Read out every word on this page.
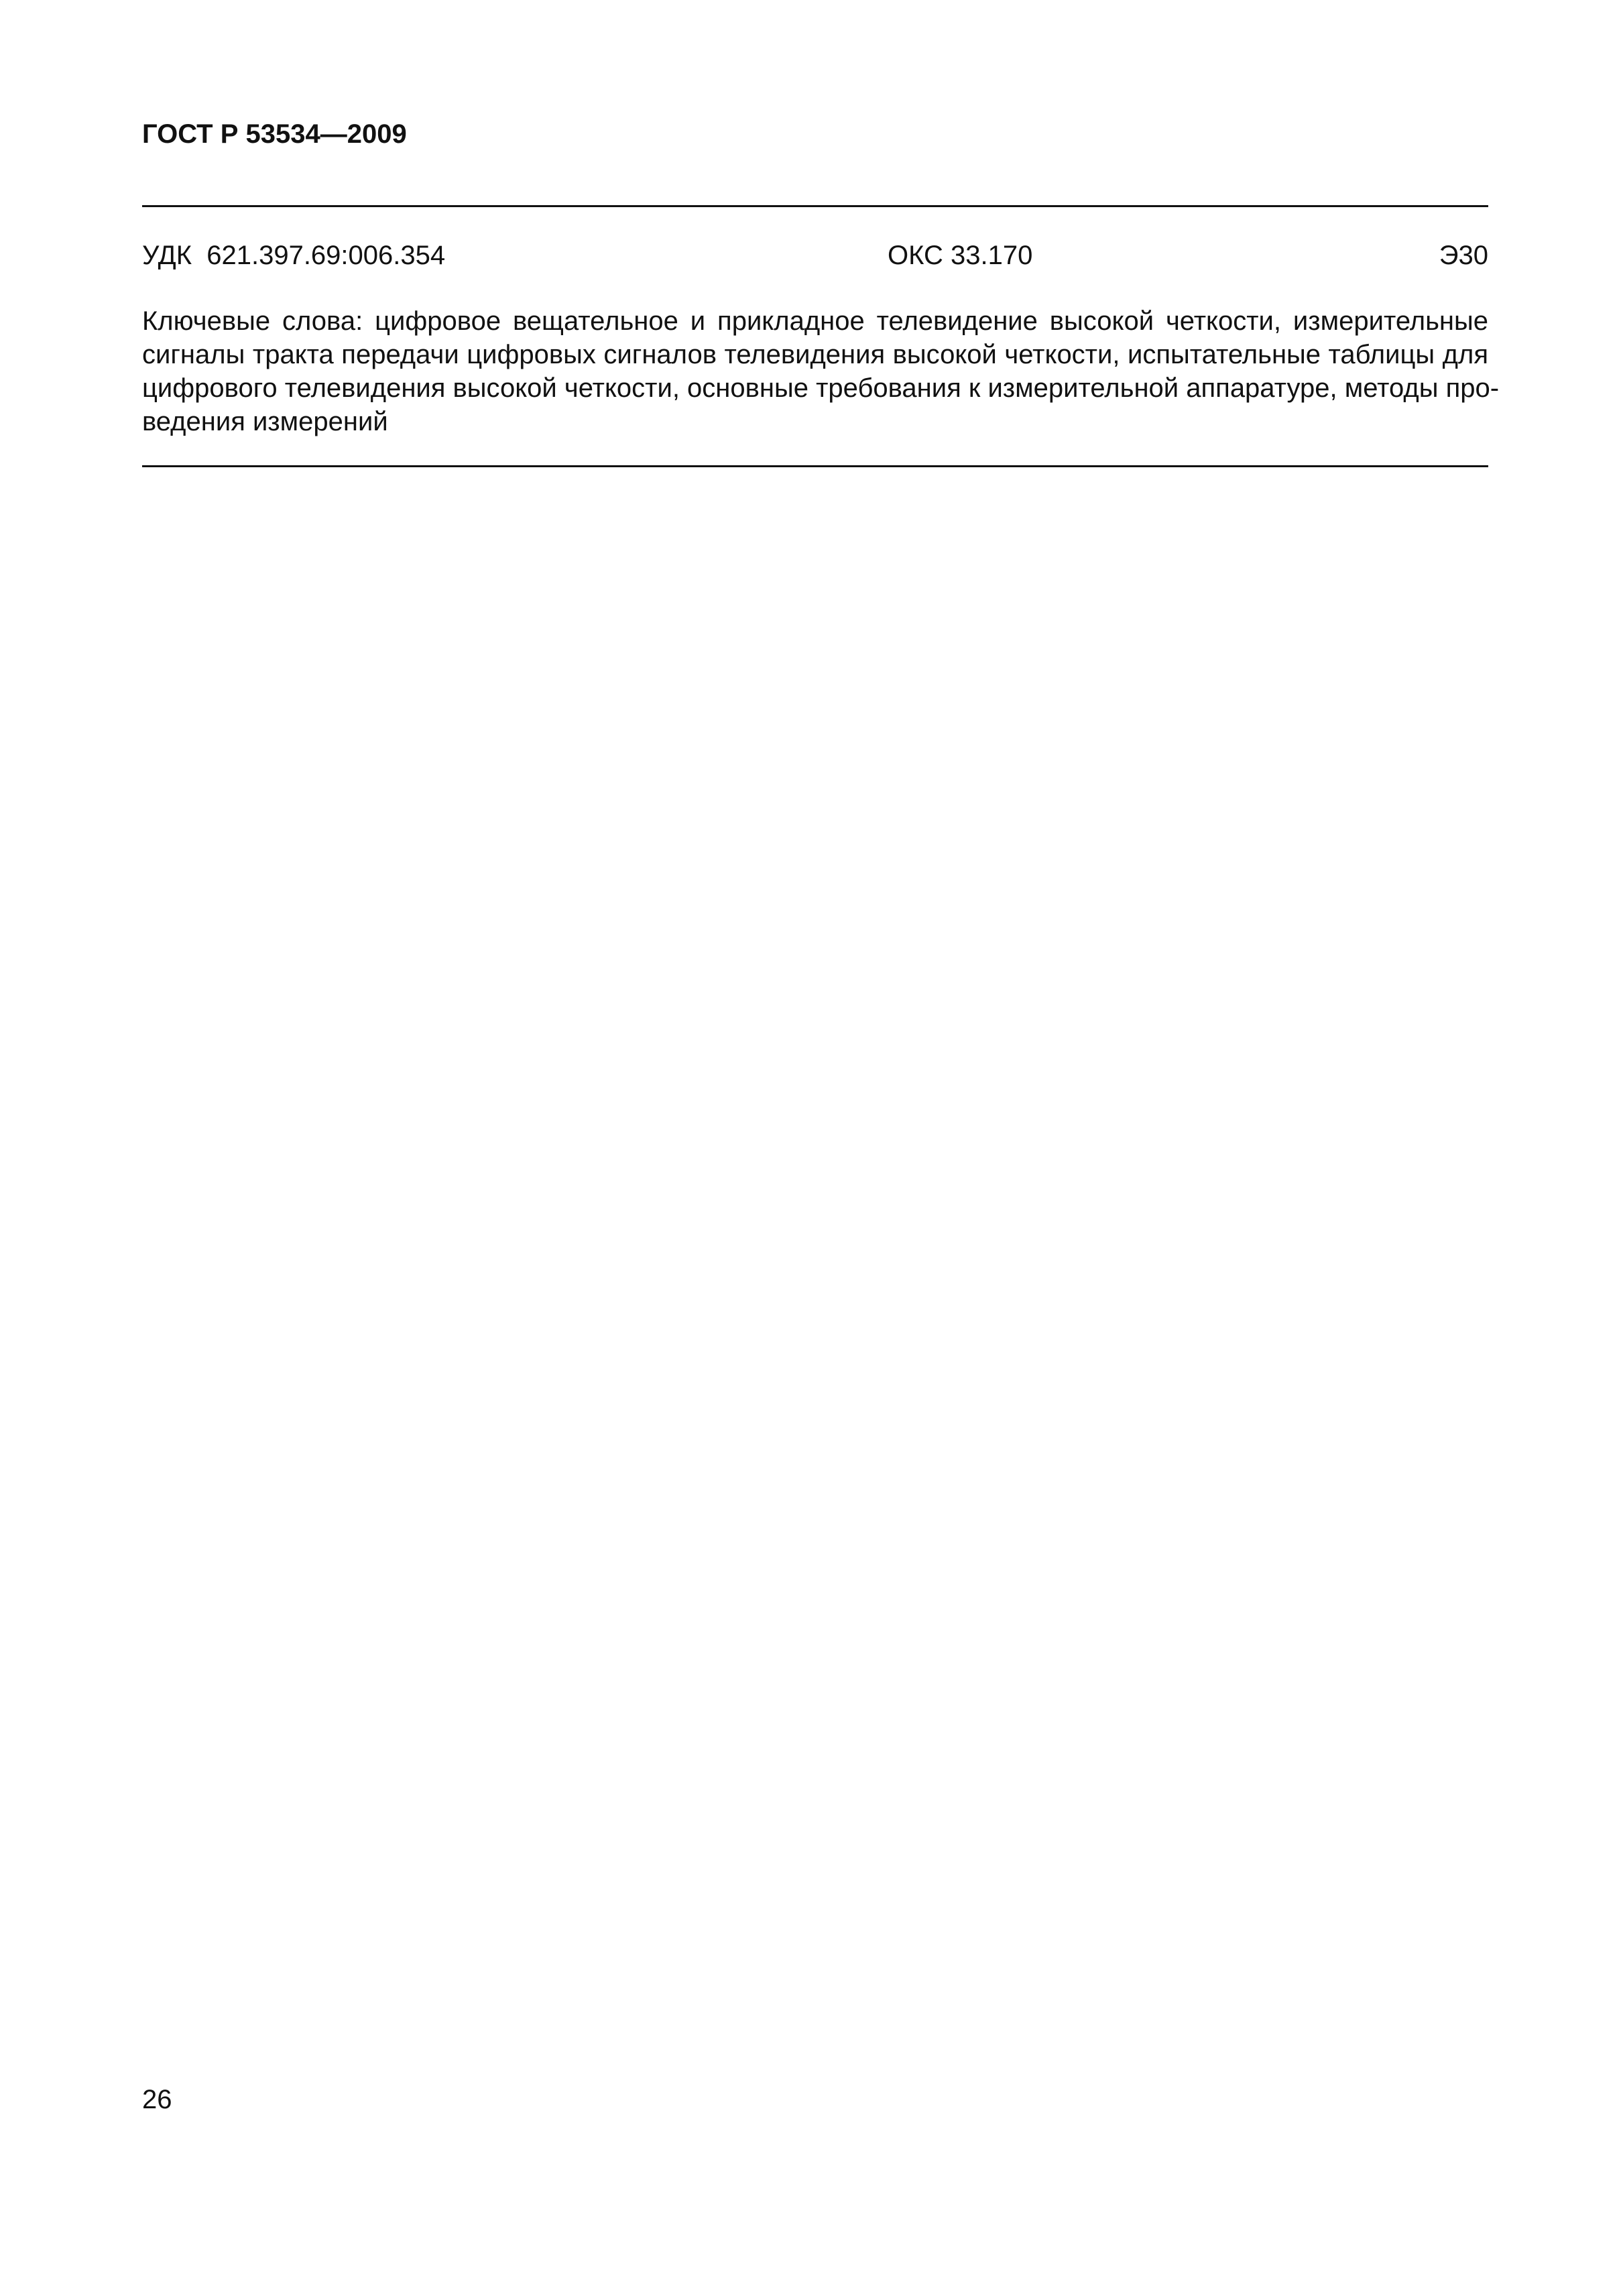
ГОСТ Р 53534—2009
УДК  621.397.69:006.354	ОКС 33.170	Э30

Ключевые слова: цифровое вещательное и прикладное телевидение высокой четкости, измерительные
сигналы тракта передачи цифровых сигналов телевидения высокой четкости, испытательные таблицы для
цифрового телевидения высокой четкости, основные требования к измерительной аппаратуре, методы про-
ведения измерений

26
